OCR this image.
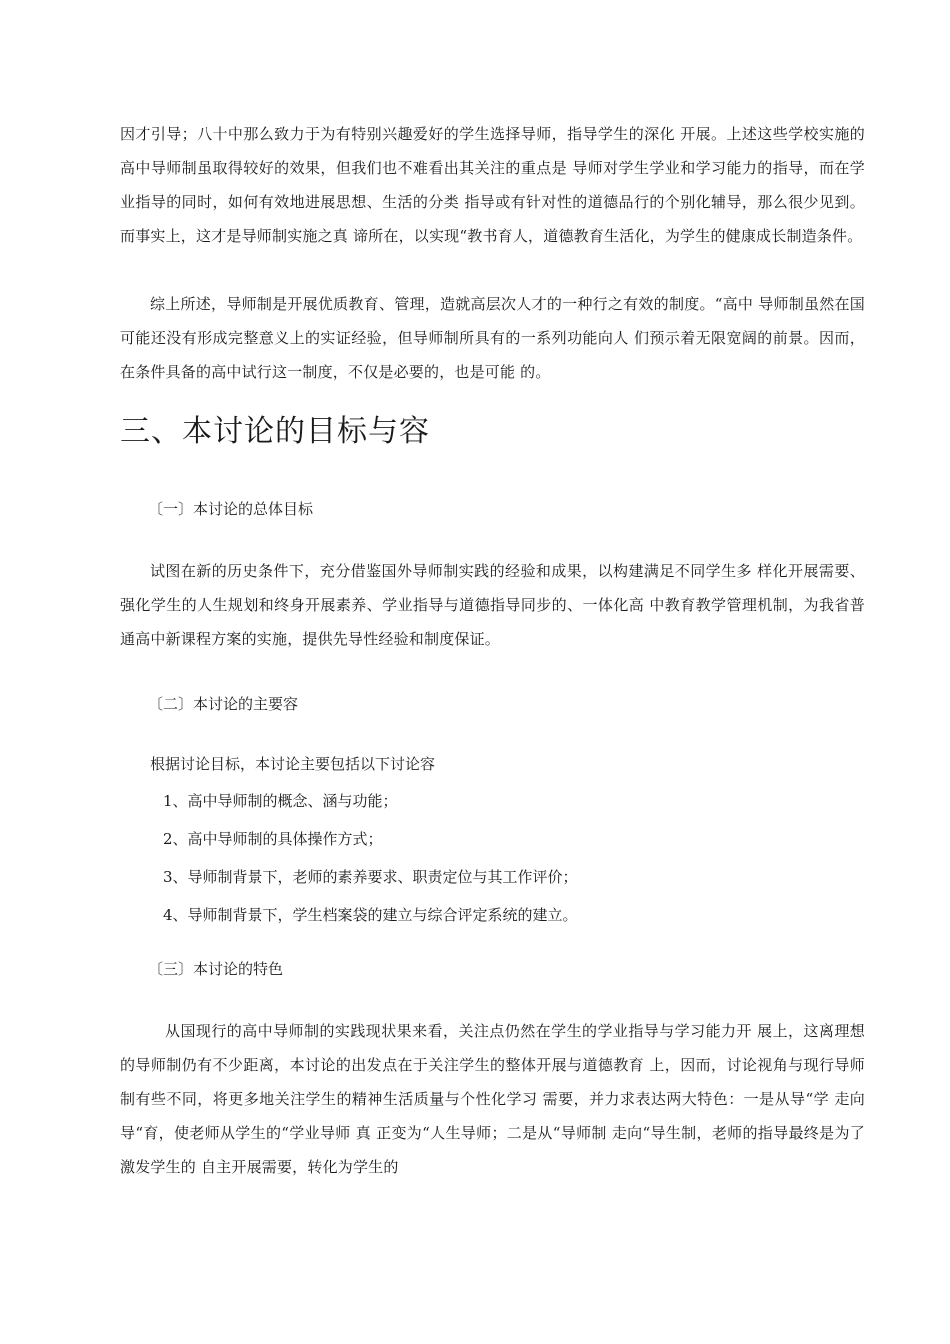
因才引导；八十中那么致力于为有特别兴趣爱好的学生选择导师，指导学生的深化 开展。上述这些学校实施的高中导师制虽取得较好的效果，但我们也不难看出其关注的重点是 导师对学生学业和学习能力的指导，而在学业指导的同时，如何有效地进展思想、生活的分类 指导或有针对性的道德品行的个别化辅导，那么很少见到。而事实上，这才是导师制实施之真 谛所在，以实现“教书育人，道德教育生活化，为学生的健康成长制造条件。

综上所述，导师制是开展优质教育、管理，造就高层次人才的一种行之有效的制度。“高中 导师制虽然在国可能还没有形成完整意义上的实证经验，但导师制所具有的一系列功能向人 们预示着无限宽阔的前景。因而，在条件具备的高中试行这一制度，不仅是必要的，也是可能 的。

三、本讨论的目标与容
〔一〕本讨论的总体目标

试图在新的历史条件下，充分借鉴国外导师制实践的经验和成果，以构建满足不同学生多 样化开展需要、强化学生的人生规划和终身开展素养、学业指导与道德指导同步的、一体化高 中教育教学管理机制，为我省普通高中新课程方案的实施，提供先导性经验和制度保证。

〔二〕本讨论的主要容
根据讨论目标，本讨论主要包括以下讨论容
1、高中导师制的概念、涵与功能；
2、高中导师制的具体操作方式；
3、导师制背景下，老师的素养要求、职责定位与其工作评价；
4、导师制背景下，学生档案袋的建立与综合评定系统的建立。
〔三〕本讨论的特色

从国现行的高中导师制的实践现状果来看，关注点仍然在学生的学业指导与学习能力开 展上，这离理想的导师制仍有不少距离，本讨论的出发点在于关注学生的整体开展与道德教育 上，因而，讨论视角与现行导师制有些不同，将更多地关注学生的精神生活质量与个性化学习 需要，并力求表达两大特色：一是从导“学 走向导“育，使老师从学生的“学业导师 真 正变为“人生导师；二是从“导师制 走向“导生制，老师的指导最终是为了激发学生的 自主开展需要，转化为学生的
